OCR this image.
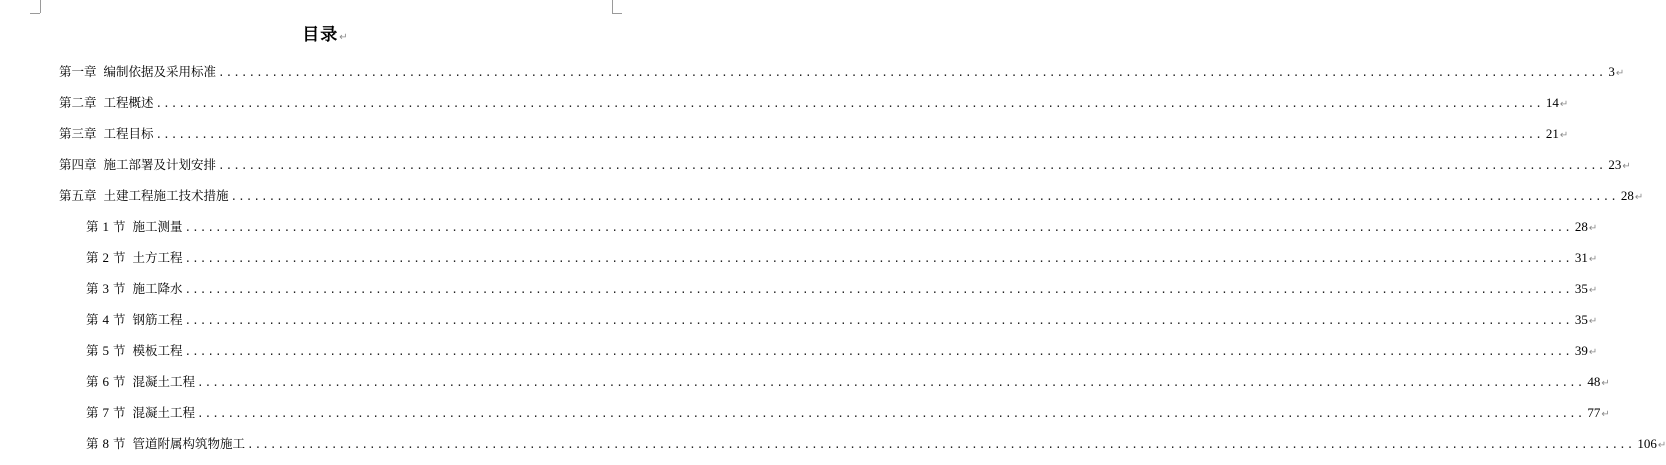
目录↵
第一章 编制依据及采用标准 ...................................................................................................................................................................................... 3 ↵
第二章 工程概述 ...................................................................................................................................................................................... 14 ↵
第三章 工程目标 ...................................................................................................................................................................................... 21 ↵
第四章 施工部署及计划安排 ...................................................................................................................................................................................... 23 ↵
第五章 土建工程施工技术措施 ...................................................................................................................................................................................... 28 ↵
第 1 节 施工测量 ...................................................................................................................................................................................... 28 ↵
第 2 节 土方工程 ...................................................................................................................................................................................... 31 ↵
第 3 节 施工降水 ...................................................................................................................................................................................... 35 ↵
第 4 节 钢筋工程 ...................................................................................................................................................................................... 35 ↵
第 5 节 模板工程 ...................................................................................................................................................................................... 39 ↵
第 6 节 混凝土工程 ...................................................................................................................................................................................... 48 ↵
第 7 节 混凝土工程 ...................................................................................................................................................................................... 77 ↵
第 8 节 管道附属构筑物施工 ...................................................................................................................................................................................... 106 ↵
